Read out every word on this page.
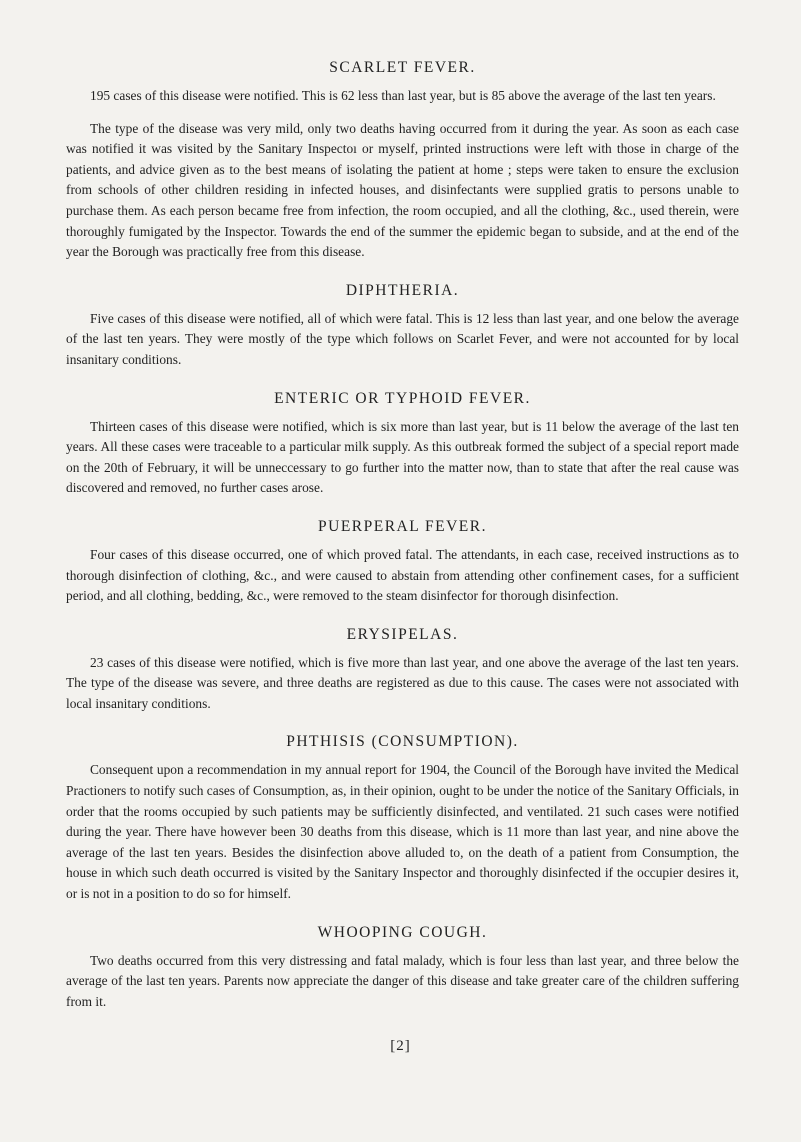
SCARLET FEVER.

195 cases of this disease were notified. This is 62 less than last year, but is 85 above the average of the last ten years.

The type of the disease was very mild, only two deaths having occurred from it during the year. As soon as each case was notified it was visited by the Sanitary Inspectoı or myself, printed instructions were left with those in charge of the patients, and advice given as to the best means of isolating the patient at home ; steps were taken to ensure the exclusion from schools of other children residing in infected houses, and disinfectants were supplied gratis to persons unable to purchase them. As each person became free from infection, the room occupied, and all the clothing, &c., used therein, were thoroughly fumigated by the Inspector. Towards the end of the summer the epidemic began to subside, and at the end of the year the Borough was practically free from this disease.

DIPHTHERIA.

Five cases of this disease were notified, all of which were fatal. This is 12 less than last year, and one below the average of the last ten years. They were mostly of the type which follows on Scarlet Fever, and were not accounted for by local insanitary conditions.

ENTERIC OR TYPHOID FEVER.

Thirteen cases of this disease were notified, which is six more than last year, but is 11 below the average of the last ten years. All these cases were traceable to a particular milk supply. As this outbreak formed the subject of a special report made on the 20th of February, it will be unneccessary to go further into the matter now, than to state that after the real cause was discovered and removed, no further cases arose.

PUERPERAL FEVER.

Four cases of this disease occurred, one of which proved fatal. The attendants, in each case, received instructions as to thorough disinfection of clothing, &c., and were caused to abstain from attending other confinement cases, for a sufficient period, and all clothing, bedding, &c., were removed to the steam disinfector for thorough disinfection.

ERYSIPELAS.

23 cases of this disease were notified, which is five more than last year, and one above the average of the last ten years. The type of the disease was severe, and three deaths are registered as due to this cause. The cases were not associated with local insanitary conditions.

PHTHISIS (CONSUMPTION).

Consequent upon a recommendation in my annual report for 1904, the Council of the Borough have invited the Medical Practioners to notify such cases of Consumption, as, in their opinion, ought to be under the notice of the Sanitary Officials, in order that the rooms occupied by such patients may be sufficiently disinfected, and ventilated. 21 such cases were notified during the year. There have however been 30 deaths from this disease, which is 11 more than last year, and nine above the average of the last ten years. Besides the disinfection above alluded to, on the death of a patient from Consumption, the house in which such death occurred is visited by the Sanitary Inspector and thoroughly disinfected if the occupier desires it, or is not in a position to do so for himself.

WHOOPING COUGH.

Two deaths occurred from this very distressing and fatal malady, which is four less than last year, and three below the average of the last ten years. Parents now appreciate the danger of this disease and take greater care of the children suffering from it.

[2]
